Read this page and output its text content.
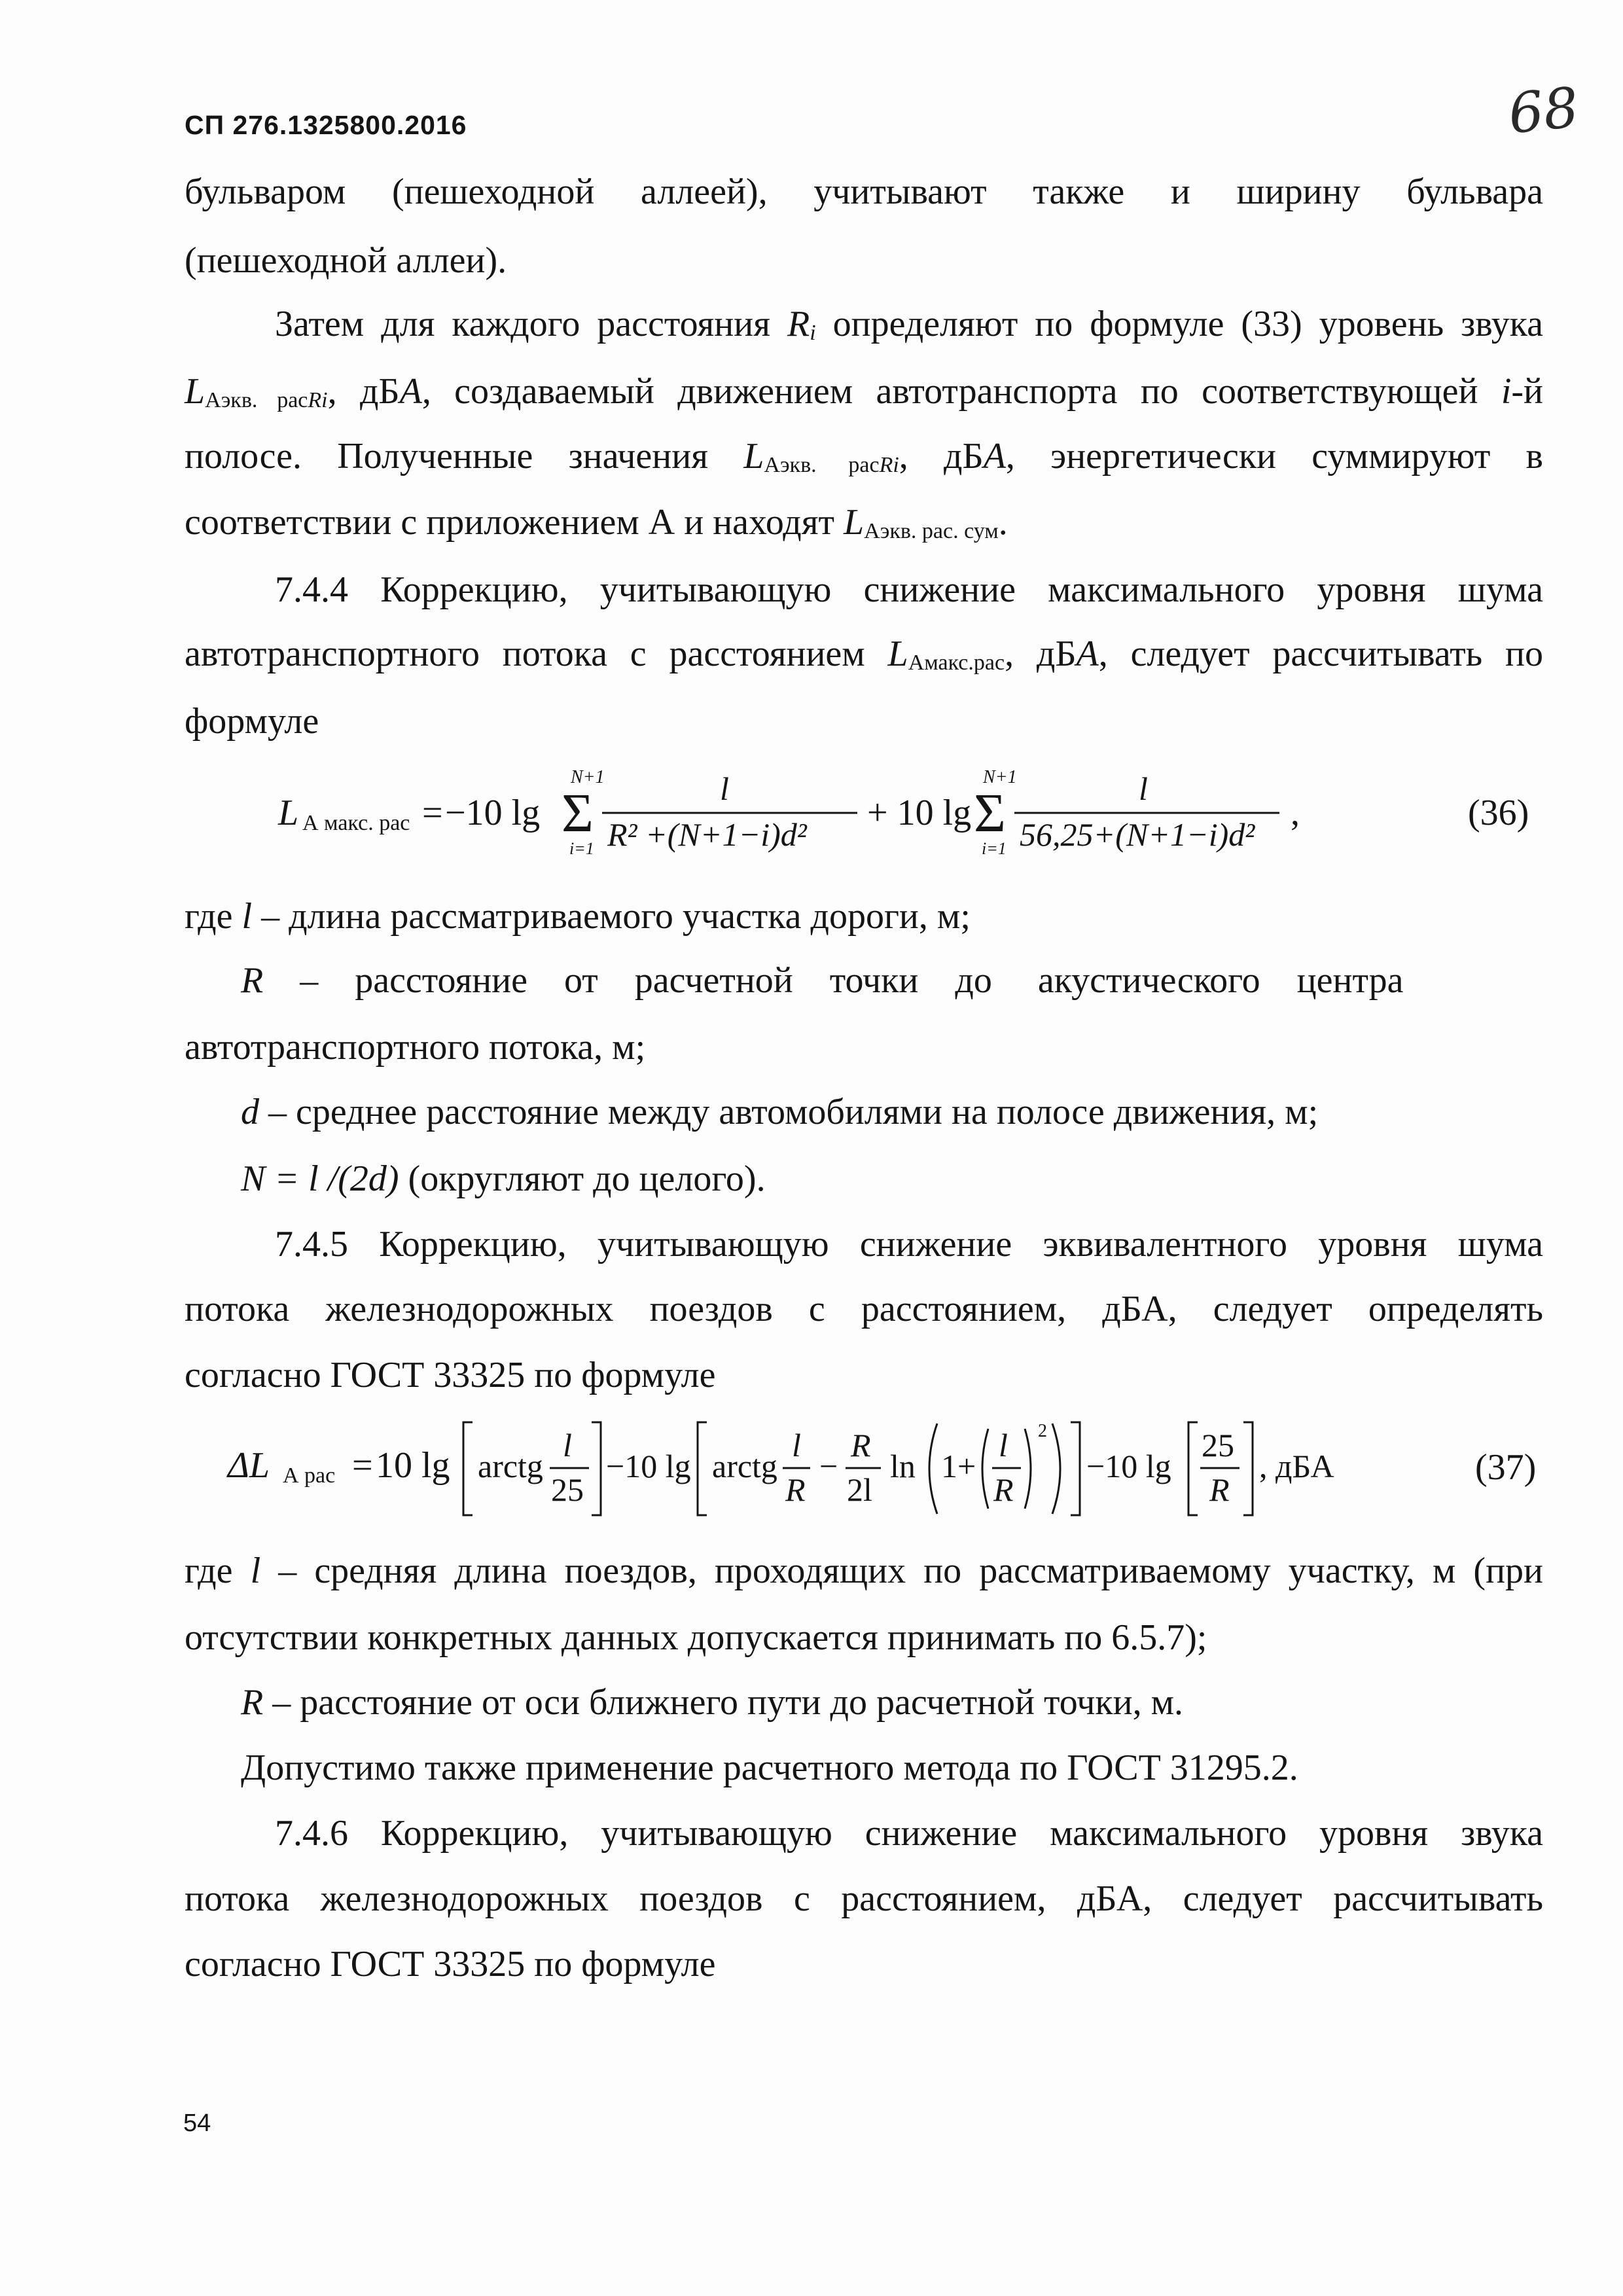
СП 276.1325800.2016	68
бульваром (пешеходной аллеей), учитывают также и ширину бульвара
(пешеходной аллеи).
Затем для каждого расстояния Ri определяют по формуле (33) уровень звука
LАэкв. расRi, дБА, создаваемый движением автотранспорта по соответствующей i-й
полосе. Полученные значения LАэкв. расRi, дБА, энергетически суммируют в
соответствии с приложением А и находят LАэкв. рас. сум.
7.4.4 Коррекцию, учитывающую снижение максимального уровня шума
автотранспортного потока с расстоянием LАмакс.рас, дБА, следует рассчитывать по
формуле
L А макс. рас = −10 lg
N+1
Σ
i=1
l
R² +(N+1−i)d²
+ 10 lg
N+1
Σ
i=1
l
56,25+(N+1−i)d²
,	(36)
где l – длина рассматриваемого участка дороги, м;
R    –    расстояние    от    расчетной    точки    до     акустического    центра
автотранспортного потока, м;
d – среднее расстояние между автомобилями на полосе движения, м;
N = l /(2d) (округляют до целого).
7.4.5 Коррекцию, учитывающую снижение эквивалентного уровня шума
потока железнодорожных поездов с расстоянием, дБА, следует определять
согласно ГОСТ 33325 по формуле
ΔL А рас = 10 lg arctg
l
25
−10 lg arctg
l
R
−
R
2l
ln 1+
l
R
2
−10 lg
25
R
, дБА	(37)
где l – средняя длина поездов, проходящих по рассматриваемому участку, м (при
отсутствии конкретных данных допускается принимать по 6.5.7);
R – расстояние от оси ближнего пути до расчетной точки, м.
Допустимо также применение расчетного метода по ГОСТ 31295.2.
7.4.6 Коррекцию, учитывающую снижение максимального уровня звука
потока железнодорожных поездов с расстоянием, дБА, следует рассчитывать
согласно ГОСТ 33325 по формуле
54
